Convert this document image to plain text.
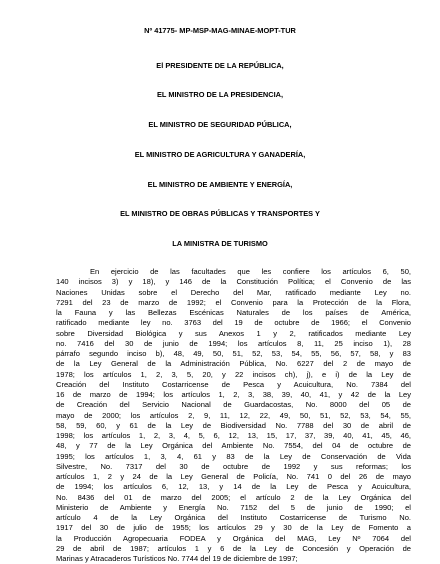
Nº 41775- MP-MSP-MAG-MINAE-MOPT-TUR
El PRESIDENTE DE LA REPÚBLICA,
EL MINISTRO DE LA PRESIDENCIA,
EL MINISTRO DE SEGURIDAD PÚBLICA,
EL MINISTRO DE AGRICULTURA Y GANADERÍA,
EL MINISTRO DE AMBIENTE Y ENERGÍA,
EL MINISTRO DE OBRAS PÚBLICAS Y TRANSPORTES Y
LA MINISTRA DE TURISMO
En ejercicio de las facultades que les confiere los artículos 6, 50,
140 incisos 3) y 18), y 146 de la Constitución Política; el Convenio de las
Naciones Unidas sobre el Derecho del Mar, ratificado mediante Ley no.
7291 del 23 de marzo de 1992; el Convenio para la Protección de la Flora,
la Fauna y las Bellezas Escénicas Naturales de los países de América,
ratificado mediante ley no. 3763 del 19 de octubre de 1966; el Convenio
sobre Diversidad Biológica y sus Anexos 1 y 2, ratificados mediante Ley
no. 7416 del 30 de junio de 1994; los artículos 8, 11, 25 inciso 1), 28
párrafo segundo inciso b), 48, 49, 50, 51, 52, 53, 54, 55, 56, 57, 58, y 83
de la Ley General de la Administración Pública, No. 6227 del 2 de mayo de
1978; los artículos 1, 2, 3, 5, 20, y 22 incisos ch), j), e i) de la Ley de
Creación del Instituto Costarricense de Pesca y Acuicultura, No. 7384 del
16 de marzo de 1994; los artículos 1, 2, 3, 38, 39, 40, 41, y 42 de la Ley
de Creación del Servicio Nacional de Guardacostas, No. 8000 del 05 de
mayo de 2000; los artículos 2, 9, 11, 12, 22, 49, 50, 51, 52, 53, 54, 55,
58, 59, 60, y 61 de la Ley de Biodiversidad No. 7788 del 30 de abril de
1998; los artículos 1, 2, 3, 4, 5, 6, 12, 13, 15, 17, 37, 39, 40, 41, 45, 46,
48, y 77 de la Ley Orgánica del Ambiente No. 7554, del 04 de octubre de
1995; los artículos 1, 3, 4, 61 y 83 de la Ley de Conservación de Vida
Silvestre, No. 7317 del 30 de octubre de 1992 y sus reformas; los
artículos 1, 2 y 24 de la Ley General de Policía, No. 741 0 del 26 de mayo
de 1994; los artículos 6, 12, 13, y 14 de la Ley de Pesca y Acuicultura,
No. 8436 del 01 de marzo del 2005; el artículo 2 de la Ley Orgánica del
Ministerio de Ambiente y Energía No. 7152 del 5 de junio de 1990; el
artículo 4 de la Ley Orgánica del Instituto Costarricense de Turismo No.
1917 del 30 de julio de 1955; los artículos 29 y 30 de la Ley de Fomento a
la Producción Agropecuaria FODEA y Orgánica del MAG, Ley Nº 7064 del
29 de abril de 1987; artículos 1 y 6 de la Ley de Concesión y Operación de
Marinas y Atracaderos Turísticos No. 7744 del 19 de diciembre de 1997;
